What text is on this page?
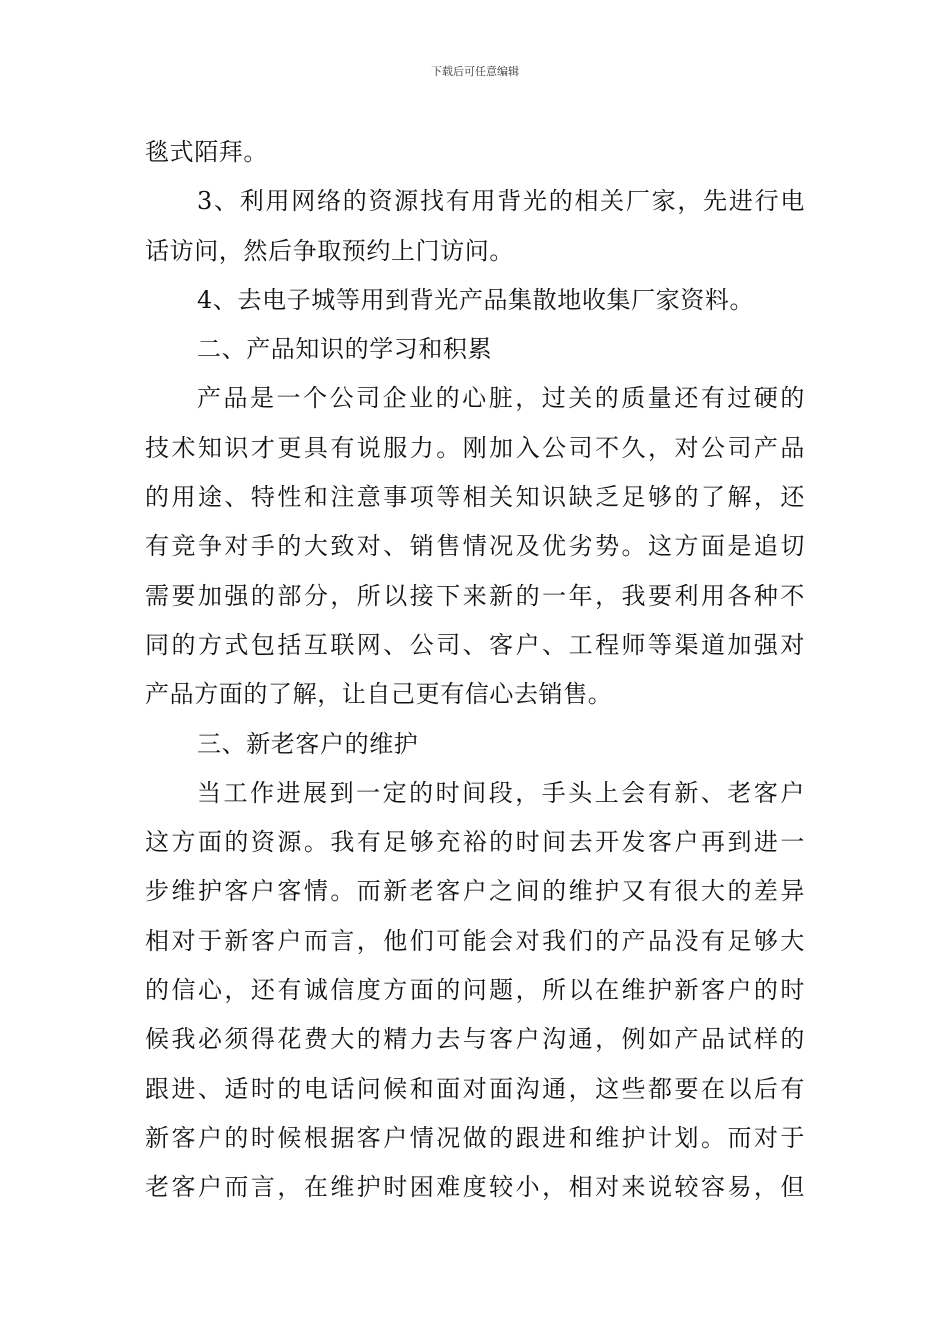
下载后可任意编辑
毯式陌拜。
3、利用网络的资源找有用背光的相关厂家，先进行电
话访问，然后争取预约上门访问。
4、去电子城等用到背光产品集散地收集厂家资料。
二、产品知识的学习和积累
产品是一个公司企业的心脏，过关的质量还有过硬的
技术知识才更具有说服力。刚加入公司不久，对公司产品
的用途、特性和注意事项等相关知识缺乏足够的了解，还
有竞争对手的大致对、销售情况及优劣势。这方面是追切
需要加强的部分，所以接下来新的一年，我要利用各种不
同的方式包括互联网、公司、客户、工程师等渠道加强对
产品方面的了解，让自己更有信心去销售。
三、新老客户的维护
当工作进展到一定的时间段，手头上会有新、老客户
这方面的资源。我有足够充裕的时间去开发客户再到进一
步维护客户客情。而新老客户之间的维护又有很大的差异
相对于新客户而言，他们可能会对我们的产品没有足够大
的信心，还有诚信度方面的问题，所以在维护新客户的时
候我必须得花费大的精力去与客户沟通，例如产品试样的
跟进、适时的电话问候和面对面沟通，这些都要在以后有
新客户的时候根据客户情况做的跟进和维护计划。而对于
老客户而言，在维护时困难度较小，相对来说较容易，但
